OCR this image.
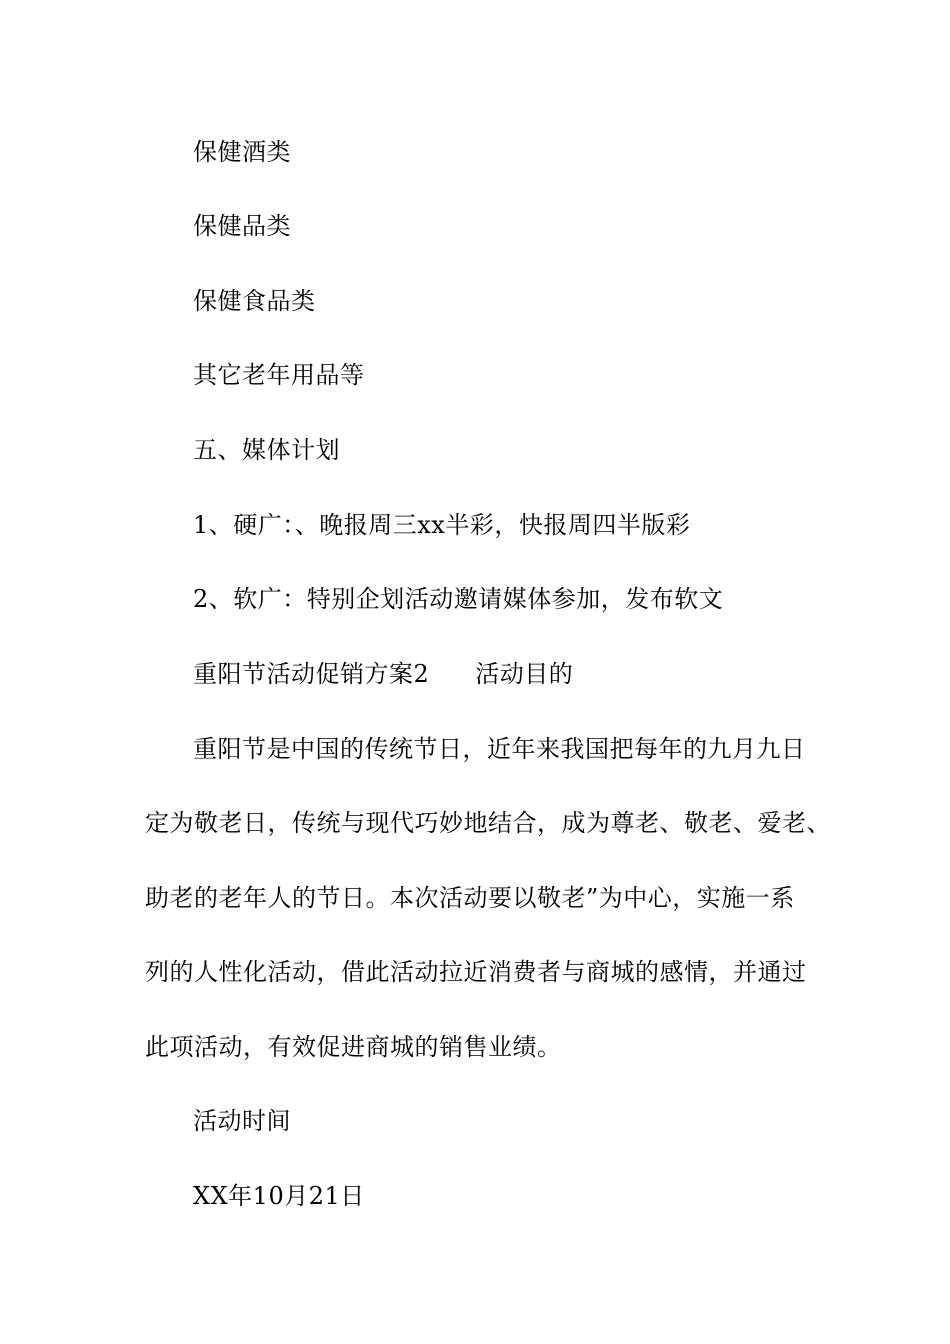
保健酒类
保健品类
保健食品类
其它老年用品等
五、媒体计划
1、硬广：、晚报周三xx半彩，快报周四半版彩
2、软广：特别企划活动邀请媒体参加，发布软文
重阳节活动促销方案2 活动目的
重阳节是中国的传统节日，近年来我国把每年的九月九日
定为敬老日，传统与现代巧妙地结合，成为尊老、敬老、爱老、
助老的老年人的节日。本次活动要以敬老”为中心，实施一系
列的人性化活动，借此活动拉近消费者与商城的感情，并通过
此项活动，有效促进商城的销售业绩。
活动时间
XX年10月21日
